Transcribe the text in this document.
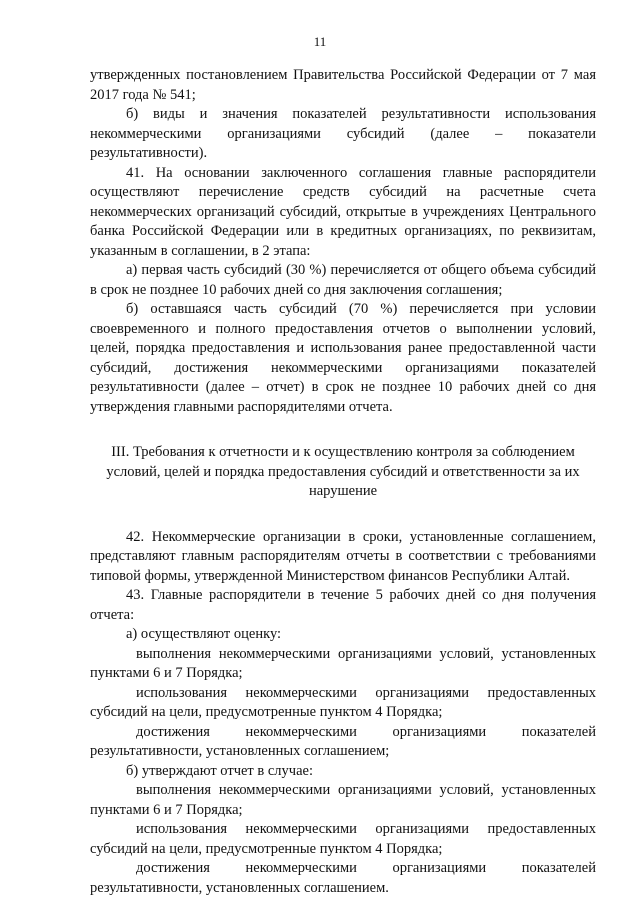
11

утвержденных постановлением Правительства Российской Федерации от 7 мая 2017 года № 541;

б) виды и значения показателей результативности использования некоммерческими организациями субсидий (далее – показатели результативности).

41. На основании заключенного соглашения главные распорядители осуществляют перечисление средств субсидий на расчетные счета некоммерческих организаций субсидий, открытые в учреждениях Центрального банка Российской Федерации или в кредитных организациях, по реквизитам, указанным в соглашении, в 2 этапа:

а) первая часть субсидий (30 %) перечисляется от общего объема субсидий в срок не позднее 10 рабочих дней со дня заключения соглашения;

б) оставшаяся часть субсидий (70 %) перечисляется при условии своевременного и полного предоставления отчетов о выполнении условий, целей, порядка предоставления и использования ранее предоставленной части субсидий, достижения некоммерческими организациями показателей результативности (далее – отчет) в срок не позднее 10 рабочих дней со дня утверждения главными распорядителями отчета.

III. Требования к отчетности и к осуществлению контроля за соблюдением условий, целей и порядка предоставления субсидий и ответственности за их нарушение

42. Некоммерческие организации в сроки, установленные соглашением, представляют главным распорядителям отчеты в соответствии с требованиями типовой формы, утвержденной Министерством финансов Республики Алтай.

43. Главные распорядители в течение 5 рабочих дней со дня получения отчета:

а) осуществляют оценку:

выполнения некоммерческими организациями условий, установленных пунктами 6 и 7 Порядка;

использования некоммерческими организациями предоставленных субсидий на цели, предусмотренные пунктом 4 Порядка;

достижения некоммерческими организациями показателей результативности, установленных соглашением;

б) утверждают отчет в случае:

выполнения некоммерческими организациями условий, установленных пунктами 6 и 7 Порядка;

использования некоммерческими организациями предоставленных субсидий на цели, предусмотренные пунктом 4 Порядка;

достижения некоммерческими организациями показателей результативности, установленных соглашением.
